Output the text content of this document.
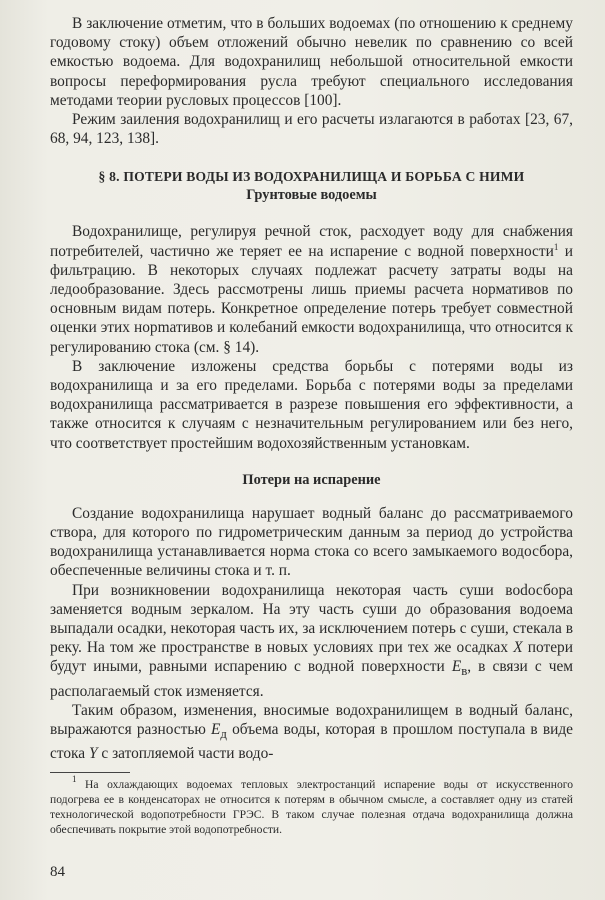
В заключение отметим, что в больших водоемах (по отношению к среднему годовому стоку) объем отложений обычно невелик по сравнению со всей емкостью водоема. Для водохранилищ небольшой относительной емкости вопросы переформирования русла требуют специального исследования методами теории русловых процессов [100].

Режим заиления водохранилищ и его расчеты излагаются в работах [23, 67, 68, 94, 123, 138].

§ 8. ПОТЕРИ ВОДЫ ИЗ ВОДОХРАНИЛИЩА И БОРЬБА С НИМИ
Грунтовые водоемы

Водохранилище, регулируя речной сток, расходует воду для снабжения потребителей, частично же теряет ее на испарение с водной поверхности$^1$ и фильтрацию. В некоторых случаях подлежат расчету затраты воды на ледообразование. Здесь рассмотрены лишь приемы расчета нормативов по основным видам потерь. Конкретное определение потерь требует совместной оценки этих норmативов и колебаний емкости водохранилища, что относится к регулированию стока (см. § 14).

В заключение изложены средства борьбы с потерями воды из водохранилища и за его пределами. Борьба с потерями воды за пределами водохранилища рассматривается в разрезе повышения его эффективности, а также относится к случаям с незначительным регулированием или без него, что соответствует простейшим водохозяйственным установкам.

Потери на испарение

Создание водохранилища нарушает водный баланс до рассматриваемого створа, для которого по гидрометрическим данным за период до устройства водохранилища устанавливается норма стока со всего замыкаемого водосбора, обеспеченные величины стока и т. п.

При возникновении водохранилища некоторая часть суши воdосбора заменяется водным зеркалом. На эту часть суши до образования водоема выпадали осадки, некоторая часть их, за исключением потерь с суши, стекала в реку. На том же пространстве в новых условиях при тех же осадках X потери будут иными, равными испарению с водной поверхности $E_в$, в связи с чем располагаемый сток изменяется.

Таким образом, изменения, вносимые водохранилищем в водный баланс, выражаются разностью $E_д$ объема воды, которая в прошлом поступала в виде стока Y с затопляемой части водо-

$^1$ На охлаждающих водоемах тепловых электростанций испарение воды от искусственного подогрева ее в конденсаторах не относится к потерям в обычном смысле, а составляет одну из статей технологической водопотребности ГРЭС. В таком случае полезная отдача водохранилища должна обеспечивать покрытие этой водопотребности.

84
